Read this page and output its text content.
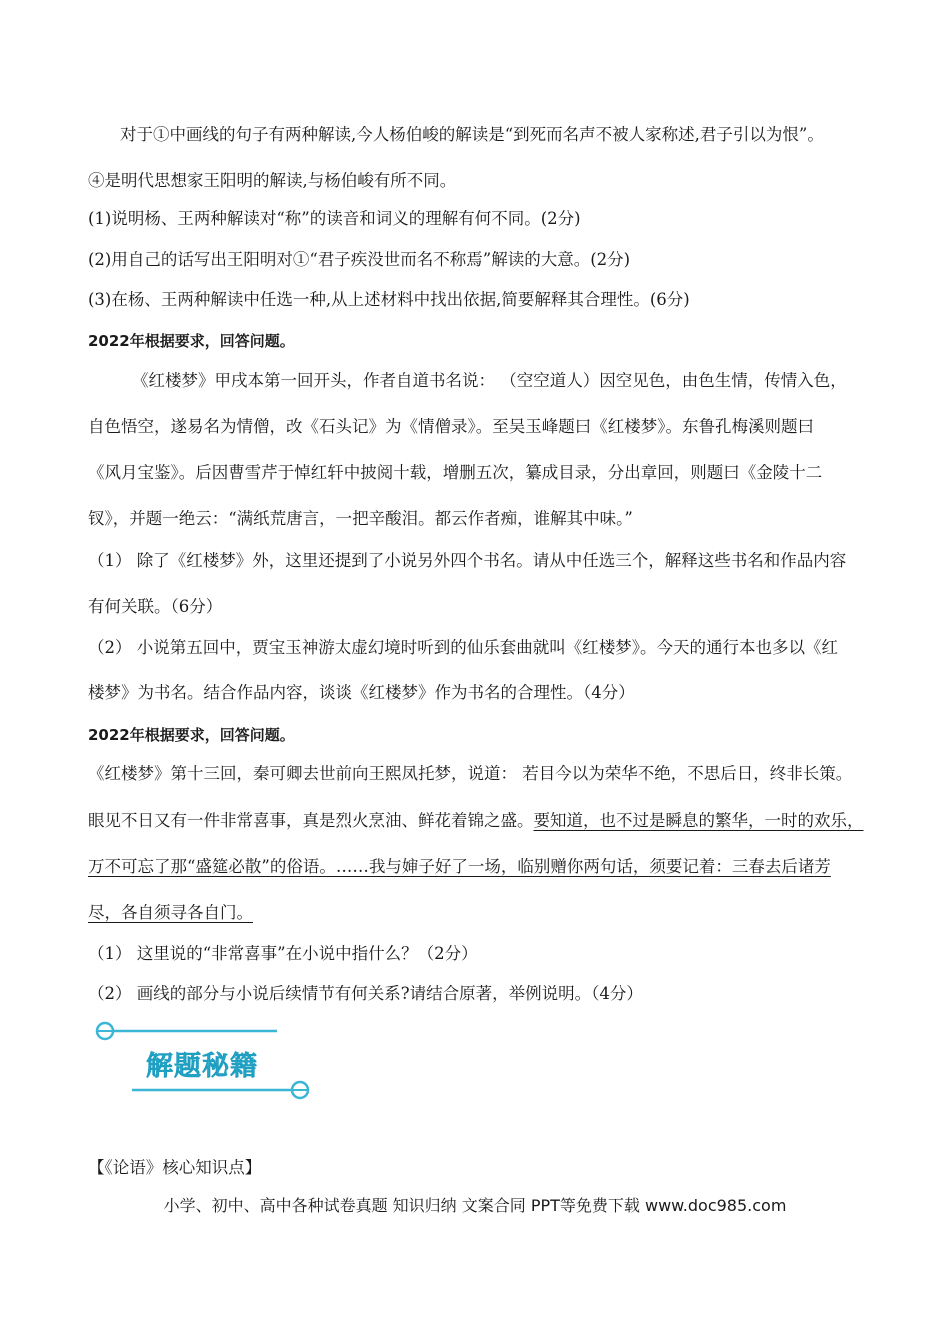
对于①中画线的句子有两种解读,今人杨伯峻的解读是“到死而名声不被人家称述,君子引以为恨”。
④是明代思想家王阳明的解读,与杨伯峻有所不同。
(1)说明杨、王两种解读对“称”的读音和词义的理解有何不同。(2分)
(2)用自己的话写出王阳明对①“君子疾没世而名不称焉”解读的大意。(2分)
(3)在杨、王两种解读中任选一种,从上述材料中找出依据,简要解释其合理性。(6分)
2022年根据要求，回答问题。
《红楼梦》甲戌本第一回开头，作者自道书名说： （空空道人）因空见色，由色生情，传情入色，
自色悟空，遂易名为情僧，改《石头记》为《情僧录》。至吴玉峰题曰《红楼梦》。东鲁孔梅溪则题曰
《风月宝鉴》。后因曹雪芹于悼红轩中披阅十载，增删五次，纂成目录，分出章回，则题曰《金陵十二
钗》，并题一绝云：“满纸荒唐言，一把辛酸泪。都云作者痴，谁解其中味。”
（1） 除了《红楼梦》外，这里还提到了小说另外四个书名。请从中任选三个，解释这些书名和作品内容
有何关联。（6分）
（2） 小说第五回中，贾宝玉神游太虚幻境时听到的仙乐套曲就叫《红楼梦》。今天的通行本也多以《红
楼梦》为书名。结合作品内容，谈谈《红楼梦》作为书名的合理性。（4分）
2022年根据要求，回答问题。
《红楼梦》第十三回，秦可卿去世前向王熙凤托梦，说道： 若目今以为荣华不绝，不思后日，终非长策。
眼见不日又有一件非常喜事，真是烈火烹油、鲜花着锦之盛。要知道，也不过是瞬息的繁华，一时的欢乐，
万不可忘了那“盛筵必散”的俗语。……我与婶子好了一场，临别赠你两句话，须要记着：三春去后诸芳
尽，各自须寻各自门。
（1） 这里说的“非常喜事”在小说中指什么？（2分）
（2） 画线的部分与小说后续情节有何关系?请结合原著，举例说明。（4分）
解题秘籍
【《论语》核心知识点】
小学、初中、高中各种试卷真题 知识归纳 文案合同 PPT等免费下载 www.doc985.com
